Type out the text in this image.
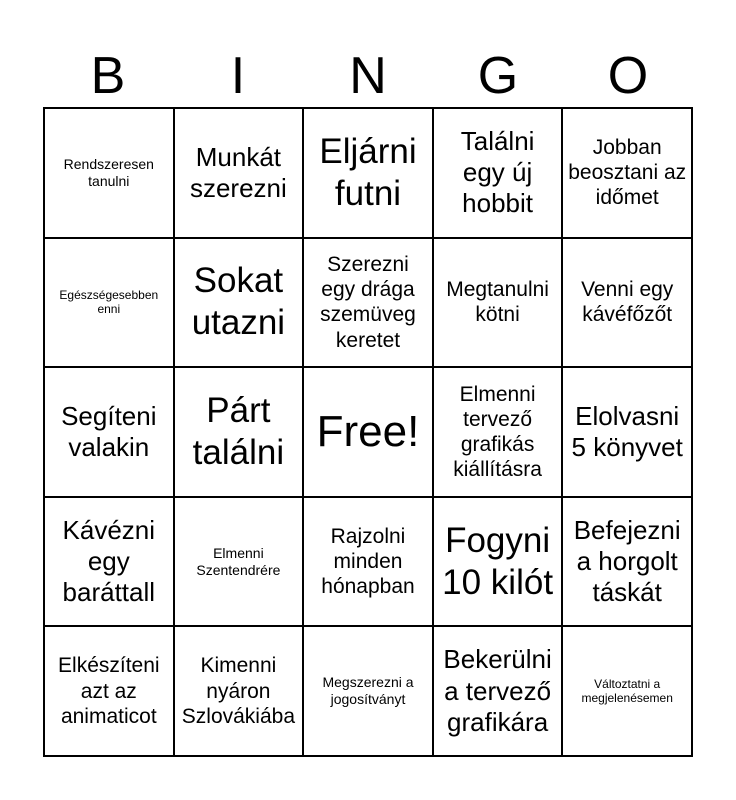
B	I	N	G	O
Rendszeresen tanulni
Munkát szerezni
Eljárni futni
Találni egy új hobbit
Jobban beosztani az időmet
Egészségesebben enni
Sokat utazni
Szerezni egy drága szemüveg keretet
Megtanulni kötni
Venni egy kávéfőzőt
Segíteni valakin
Párt találni Free!
Elmenni tervező grafikás kiállításra
Elolvasni 5 könyvet
Kávézni egy baráttall
Elmenni Szentendrére
Rajzolni minden hónapban
Fogyni 10 kilót
Befejezni a horgolt táskát
Elkészíteni azt az animaticot
Kimenni nyáron Szlovákiába
Megszerezni a jogosítványt
Bekerülni a tervező grafikára
Változtatni a megjelenésemen
